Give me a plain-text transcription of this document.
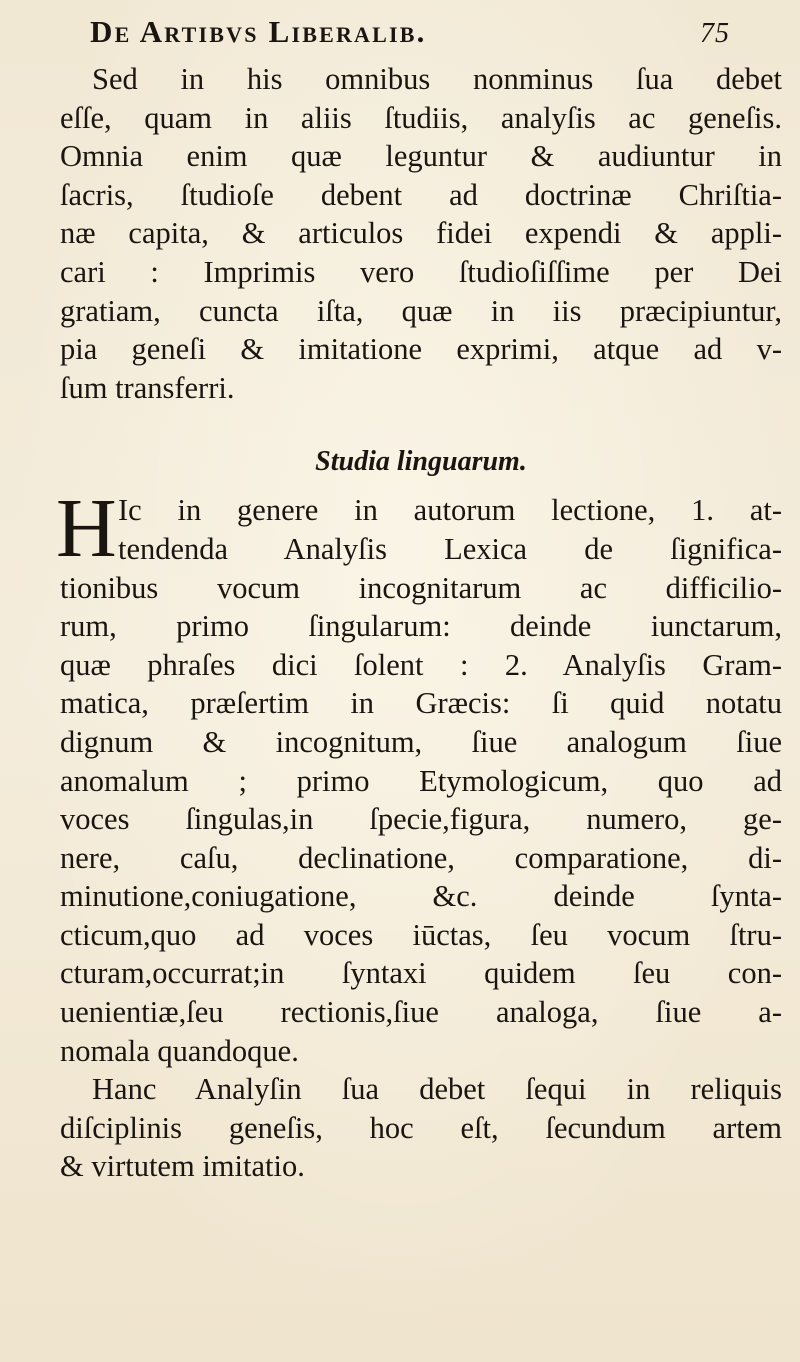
De Artibvs Liberalib.	75
Sed in his omnibus nonminus ſua debet
eſſe, quam in aliis ſtudiis, analyſis ac geneſis.
Omnia enim quæ leguntur & audiuntur in
ſacris, ſtudioſe debent ad doctrinæ Chriſtia-
næ capita, & articulos fidei expendi & appli-
cari : Imprimis vero ſtudioſiſſime per Dei
gratiam, cuncta iſta, quæ in iis præcipiuntur,
pia geneſi & imitatione exprimi, atque ad v-
ſum transferri.
Studia linguarum.
H Ic in genere in autorum lectione, 1. at-
tendenda Analyſis Lexica de ſignifica-
tionibus vocum incognitarum ac difficilio-
rum, primo ſingularum: deinde iunctarum,
quæ phraſes dici ſolent : 2. Analyſis Gram-
matica, præſertim in Græcis: ſi quid notatu
dignum & incognitum, ſiue analogum ſiue
anomalum ; primo Etymologicum, quo ad
voces ſingulas,in ſpecie,figura, numero, ge-
nere, caſu, declinatione, comparatione, di-
minutione,coniugatione, &c. deinde ſynta-
cticum,quo ad voces iūctas, ſeu vocum ſtru-
cturam,occurrat;in ſyntaxi quidem ſeu con-
uenientiæ,ſeu rectionis,ſiue analoga, ſiue a-
nomala quandoque.
Hanc Analyſin ſua debet ſequi in reliquis
diſciplinis geneſis, hoc eſt, ſecundum artem
& virtutem imitatio.
